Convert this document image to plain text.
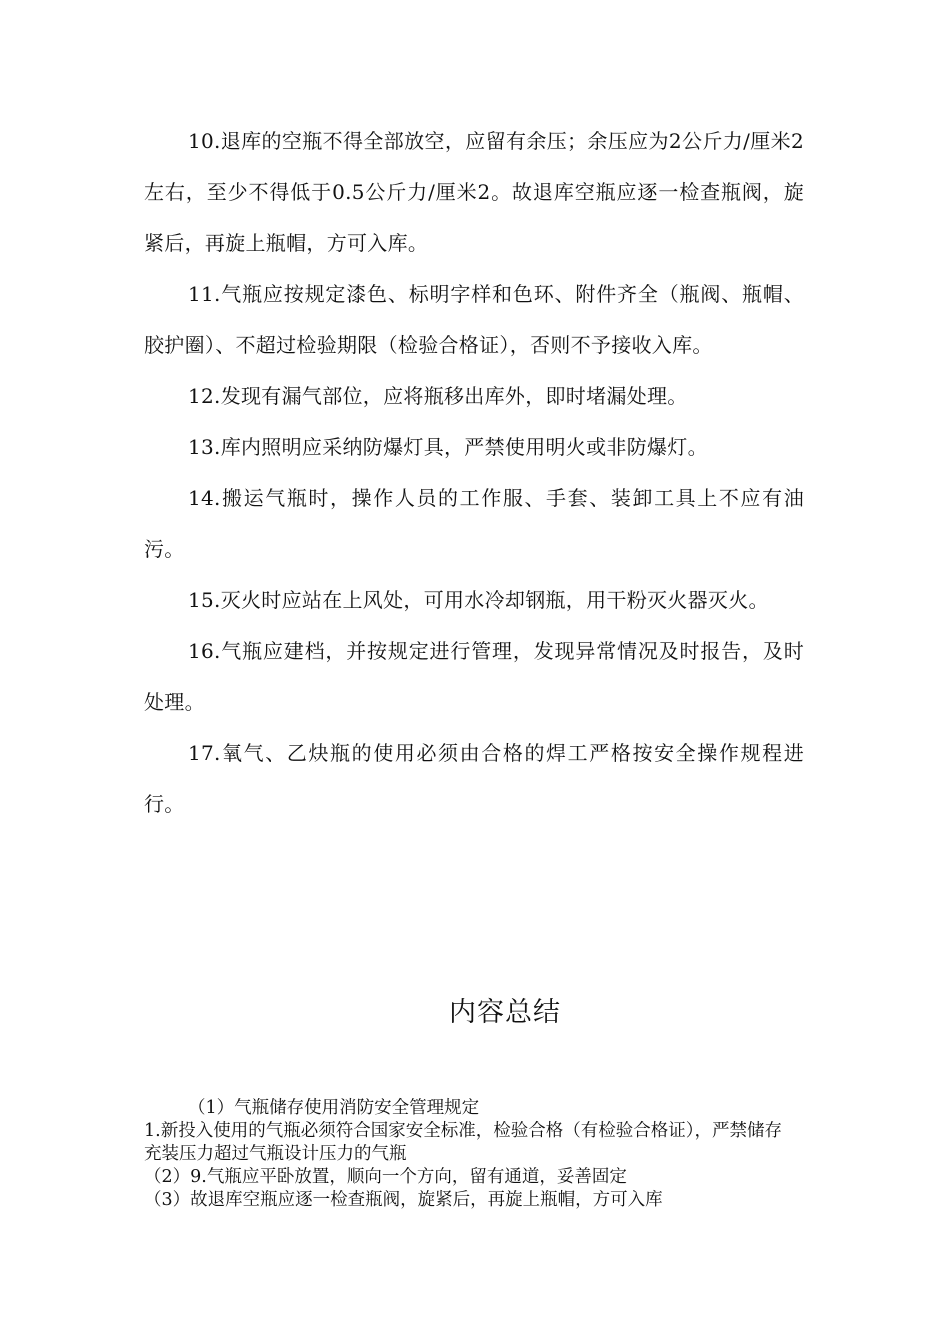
10.退库的空瓶不得全部放空，应留有余压；余压应为2公斤力/厘米2左右，至少不得低于0.5公斤力/厘米2。故退库空瓶应逐一检查瓶阀，旋紧后，再旋上瓶帽，方可入库。

11.气瓶应按规定漆色、标明字样和色环、附件齐全（瓶阀、瓶帽、胶护圈）、不超过检验期限（检验合格证），否则不予接收入库。

12.发现有漏气部位，应将瓶移出库外，即时堵漏处理。

13.库内照明应采纳防爆灯具，严禁使用明火或非防爆灯。

14.搬运气瓶时，操作人员的工作服、手套、装卸工具上不应有油污。

15.灭火时应站在上风处，可用水冷却钢瓶，用干粉灭火器灭火。

16.气瓶应建档，并按规定进行管理，发现异常情况及时报告，及时处理。

17.氧气、乙炔瓶的使用必须由合格的焊工严格按安全操作规程进行。

内容总结

（1）气瓶储存使用消防安全管理规定

1.新投入使用的气瓶必须符合国家安全标准，检验合格（有检验合格证），严禁储存充装压力超过气瓶设计压力的气瓶

（2）9.气瓶应平卧放置，顺向一个方向，留有通道，妥善固定

（3）故退库空瓶应逐一检查瓶阀，旋紧后，再旋上瓶帽，方可入库
